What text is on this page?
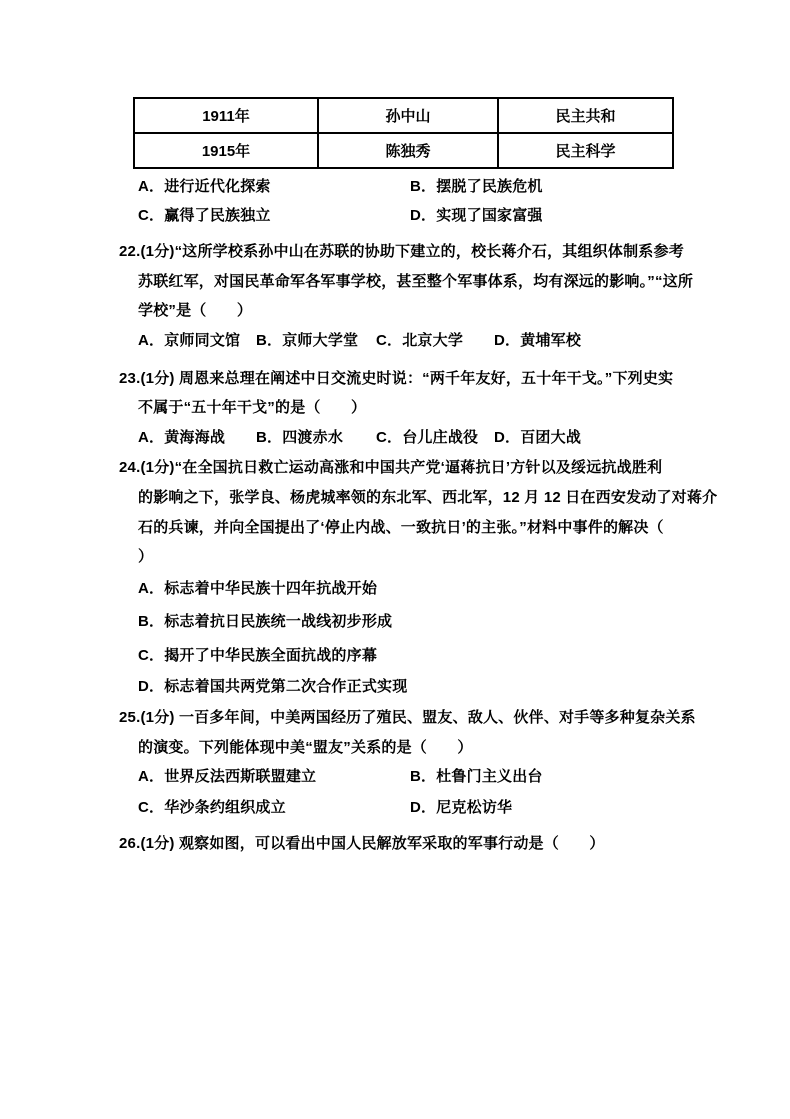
1911年	孙中山	民主共和
1915年	陈独秀	民主科学
A．进行近代化探索	B．摆脱了民族危机
C．赢得了民族独立	D．实现了国家富强
22.(1分)“这所学校系孙中山在苏联的协助下建立的，校长蒋介石，其组织体制系参考
苏联红军，对国民革命军各军事学校，甚至整个军事体系，均有深远的影响。”“这所
学校”是（　　）
A．京师同文馆 B．京师大学堂 C．北京大学 D．黄埔军校
23.(1分) 周恩来总理在阐述中日交流史时说：“两千年友好，五十年干戈。”下列史实
不属于“五十年干戈”的是（　　）
A．黄海海战 B．四渡赤水 C．台儿庄战役 D．百团大战
24.(1分)“在全国抗日救亡运动高涨和中国共产党‘逼蒋抗日’方针以及绥远抗战胜利
的影响之下，张学良、杨虎城率领的东北军、西北军，12 月 12 日在西安发动了对蒋介
石的兵谏，并向全国提出了‘停止内战、一致抗日’的主张。”材料中事件的解决（
）
A．标志着中华民族十四年抗战开始
B．标志着抗日民族统一战线初步形成
C．揭开了中华民族全面抗战的序幕
D．标志着国共两党第二次合作正式实现
25.(1分) 一百多年间，中美两国经历了殖民、盟友、敌人、伙伴、对手等多种复杂关系
的演变。下列能体现中美“盟友”关系的是（　　）
A．世界反法西斯联盟建立	B．杜鲁门主义出台
C．华沙条约组织成立	D．尼克松访华
26.(1分) 观察如图，可以看出中国人民解放军采取的军事行动是（　　）
